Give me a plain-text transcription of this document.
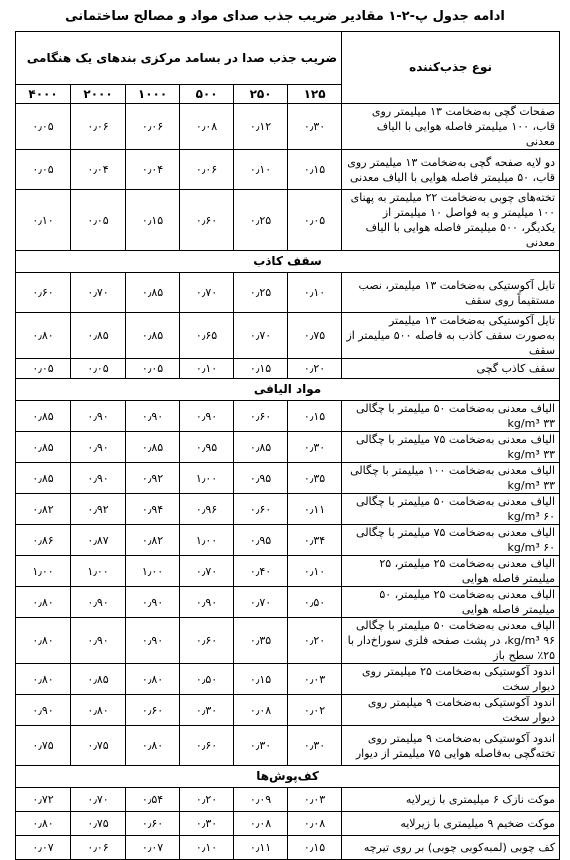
ادامه جدول پ-۲-۱ مقادیر ضریب جذب صدای مواد و مصالح ساختمانی
نوع جذب‌کننده	ضریب جذب صدا در بسامد مرکزی بندهای یک هنگامی					
	۱۲۵	۲۵۰	۵۰۰	۱۰۰۰	۲۰۰۰	۴۰۰۰
صفحات گچی به‌ضخامت ۱۳ میلیمتر روی قاب، ۱۰۰ میلیمتر فاصله هوایی با الیاف معدنی	۰٫۳۰	۰٫۱۲	۰٫۰۸	۰٫۰۶	۰٫۰۶	۰٫۰۵
دو لایه صفحه گچی به‌ضخامت ۱۳ میلیمتر روی قاب، ۵۰ میلیمتر فاصله هوایی با الیاف معدنی	۰٫۱۵	۰٫۱۰	۰٫۰۶	۰٫۰۴	۰٫۰۴	۰٫۰۵
تخته‌های چوبی به‌ضخامت ۲۲ میلیمتر به پهنای ۱۰۰ میلیمتر و به فواصل ۱۰ میلیمتر از یکدیگر، ۵۰۰ میلیمتر فاصله هوایی با الیاف معدنی	۰٫۰۵	۰٫۲۵	۰٫۶۰	۰٫۱۵	۰٫۰۵	۰٫۱۰
سقف کاذب						
تایل آکوستیکی به‌ضخامت ۱۳ میلیمتر، نصب مستقیماً روی سقف	۰٫۱۰	۰٫۲۵	۰٫۷۰	۰٫۸۵	۰٫۷۰	۰٫۶۰
تایل آکوستیکی به‌ضخامت ۱۳ میلیمتر به‌صورت سقف کاذب به فاصله ۵۰۰ میلیمتر از سقف	۰٫۷۵	۰٫۷۰	۰٫۶۵	۰٫۸۵	۰٫۸۵	۰٫۸۰
سقف کاذب گچی	۰٫۲۰	۰٫۱۵	۰٫۱۰	۰٫۰۵	۰٫۰۵	۰٫۰۵
مواد الیافی						
الیاف معدنی به‌ضخامت ۵۰ میلیمتر با چگالی ۳۳ kg/m³	۰٫۱۵	۰٫۶۰	۰٫۹۰	۰٫۹۰	۰٫۹۰	۰٫۸۵
الیاف معدنی به‌ضخامت ۷۵ میلیمتر با چگالی ۳۳ kg/m³	۰٫۳۰	۰٫۸۵	۰٫۹۵	۰٫۸۵	۰٫۹۰	۰٫۸۵
الیاف معدنی به‌ضخامت ۱۰۰ میلیمتر با چگالی ۳۳ kg/m³	۰٫۳۵	۰٫۹۵	۱٫۰۰	۰٫۹۲	۰٫۹۰	۰٫۸۵
الیاف معدنی به‌ضخامت ۵۰ میلیمتر با چگالی ۶۰ kg/m³	۰٫۱۱	۰٫۶۰	۰٫۹۶	۰٫۹۴	۰٫۹۲	۰٫۸۲
الیاف معدنی به‌ضخامت ۷۵ میلیمتر با چگالی ۶۰ kg/m³	۰٫۳۴	۰٫۹۵	۱٫۰۰	۰٫۸۲	۰٫۸۷	۰٫۸۶
الیاف معدنی به‌ضخامت ۲۵ میلیمتر، ۲۵ میلیمتر فاصله هوایی	۰٫۱۰	۰٫۴۰	۰٫۷۰	۱٫۰۰	۱٫۰۰	۱٫۰۰
الیاف معدنی به‌ضخامت ۲۵ میلیمتر، ۵۰ میلیمتر فاصله هوایی	۰٫۵۰	۰٫۷۰	۰٫۹۰	۰٫۹۰	۰٫۹۰	۰٫۸۰
الیاف معدنی به‌ضخامت ۵۰ میلیمتر با چگالی ۹۶ kg/m³، در پشت صفحه فلزی سوراخ‌دار با ۲۵٪ سطح باز	۰٫۲۰	۰٫۳۵	۰٫۶۰	۰٫۹۰	۰٫۹۰	۰٫۸۰
اندود آکوستیکی به‌ضخامت ۲۵ میلیمتر روی دیوار سخت	۰٫۰۳	۰٫۱۵	۰٫۵۰	۰٫۸۰	۰٫۸۵	۰٫۸۰
اندود آکوستیکی به‌ضخامت ۹ میلیمتر روی دیوار سخت	۰٫۰۲	۰٫۰۸	۰٫۳۰	۰٫۶۰	۰٫۸۰	۰٫۹۰
اندود آکوستیکی به‌ضخامت ۹ میلیمتر روی تخته‌گچی به‌فاصله هوایی ۷۵ میلیمتر از دیوار	۰٫۳۰	۰٫۳۰	۰٫۶۰	۰٫۸۰	۰٫۷۵	۰٫۷۵
کف‌پوش‌ها						
موکت نازک ۶ میلیمتری با زیرلایه	۰٫۰۳	۰٫۰۹	۰٫۲۰	۰٫۵۴	۰٫۷۰	۰٫۷۲
موکت ضخیم ۹ میلیمتری با زیرلایه	۰٫۰۸	۰٫۰۸	۰٫۳۰	۰٫۶۰	۰٫۷۵	۰٫۸۰
کف چوبی (لمبه‌کوبی چوبی) بر روی تیرچه	۰٫۱۵	۰٫۱۱	۰٫۱۰	۰٫۰۷	۰٫۰۶	۰٫۰۷
